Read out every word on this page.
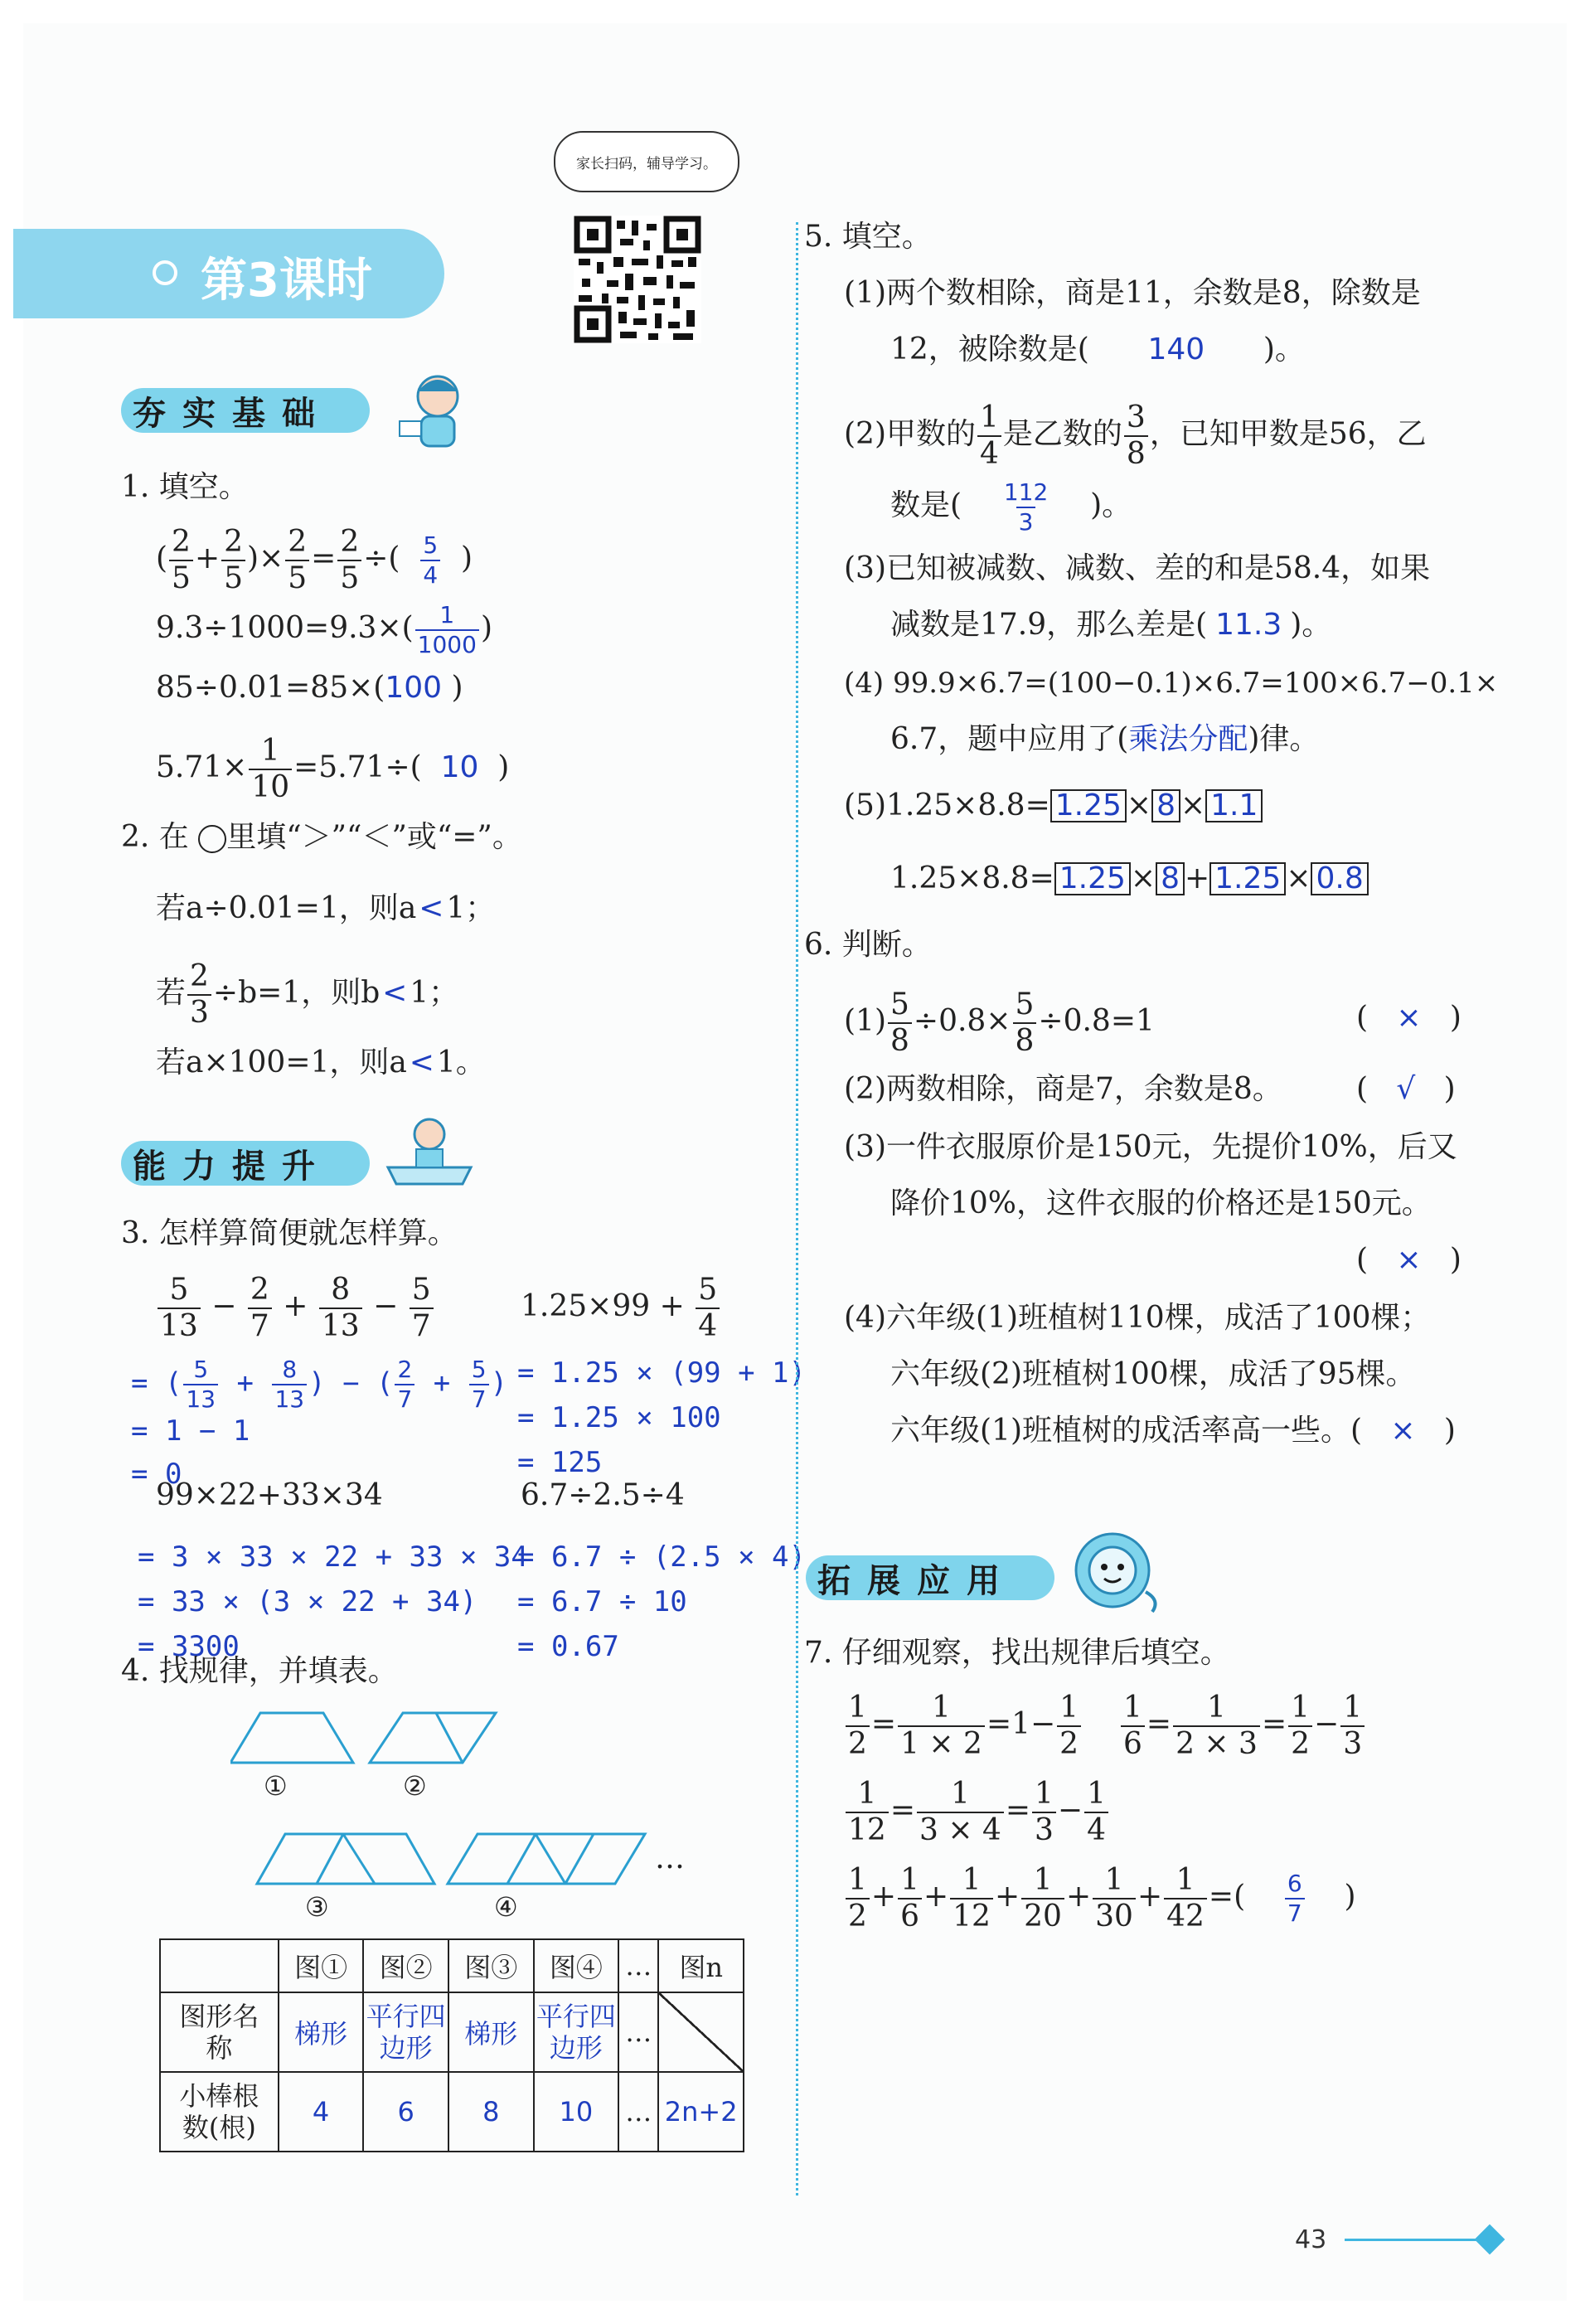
第3课时
家长扫码，辅导学习。
夯实基础
1. 填空。
( $\frac{2}{5} + \frac{2}{5}$ )× $\frac{2}{5} = \frac{2}{5}$ ÷( $\frac{5}{4}$ )
$9.3\div 1000=9.3\times( \frac{1}{1000}$ )
85÷0.01=85×(100 )
$5.71\times \frac{1}{10} =5.71\div$(  10  )
2. 在 里填“＞”“＜”或“=”。
若a÷0.01=1，则a<1；
若 $\frac{2}{3} \div b=1$，则b<1；
若a×100=1，则a<1。
能力提升
3. 怎样算简便就怎样算。
$\frac{5}{13} - \frac{2}{7} + \frac{8}{13} - \frac{5}{7}$	$1.25\times 99 + \frac{5}{4}$
= ( $\frac{5}{13} + \frac{8}{13}$ ) − ( $\frac{2}{7} + \frac{5}{7}$ )
= 1 − 1
= 0
= 1.25 × (99 + 1)
= 1.25 × 100
= 125
99×22+33×34	6.7÷2.5÷4
= 3 × 33 × 22 + 33 × 34
= 33 × (3 × 22 + 34)
= 3300
= 6.7 ÷ (2.5 × 4)
= 6.7 ÷ 10
= 0.67
4. 找规律，并填表。
①	②
③	④
…
	图①	图②	图③	图④	…	图n
图形名称	梯形	平行四边形	梯形	平行四边形	…	
小棒根数(根)	4	6	8	10	…	2n+2
5. 填空。
(1)两个数相除，商是11，余数是8，除数是
12，被除数是( 140 )。
(2)甲数的 $\frac{1}{4}$ 是乙数的 $\frac{3}{8}$ ，已知甲数是56，乙
数是( $\frac{112}{3}$ )。
(3)已知被减数、减数、差的和是58.4，如果
减数是17.9，那么差是( 11.3 )。
(4) 99.9×6.7=(100−0.1)×6.7=100×6.7−0.1×
6.7，题中应用了(乘法分配)律。
(5)1.25×8.8= 1.25 × 8 × 1.1
1.25×8.8= 1.25 × 8 + 1.25 × 0.8
6. 判断。
$(1) \frac{5}{8} \div 0.8\times \frac{5}{8} \div 0.8=1$	(   ×   )
(2)两数相除，商是7，余数是8。 (   √   )
(3)一件衣服原价是150元，先提价10%，后又
降价10%，这件衣服的价格还是150元。
(   ×   )
(4)六年级(1)班植树110棵，成活了100棵；
六年级(2)班植树100棵，成活了95棵。
六年级(1)班植树的成活率高一些。( ×   )
拓展应用
7. 仔细观察，找出规律后填空。
$\frac{1}{2} = \frac{1}{1 \times 2} =1- \frac{1}{2} \frac{1}{6} = \frac{1}{2 \times 3} = \frac{1}{2} - \frac{1}{3}$
$\frac{1}{12} = \frac{1}{3 \times 4} = \frac{1}{3} - \frac{1}{4}$
$\frac{1}{2} + \frac{1}{6} + \frac{1}{12} + \frac{1}{20} + \frac{1}{30} + \frac{1}{42}$ =( $\frac{6}{7}$ )
43
